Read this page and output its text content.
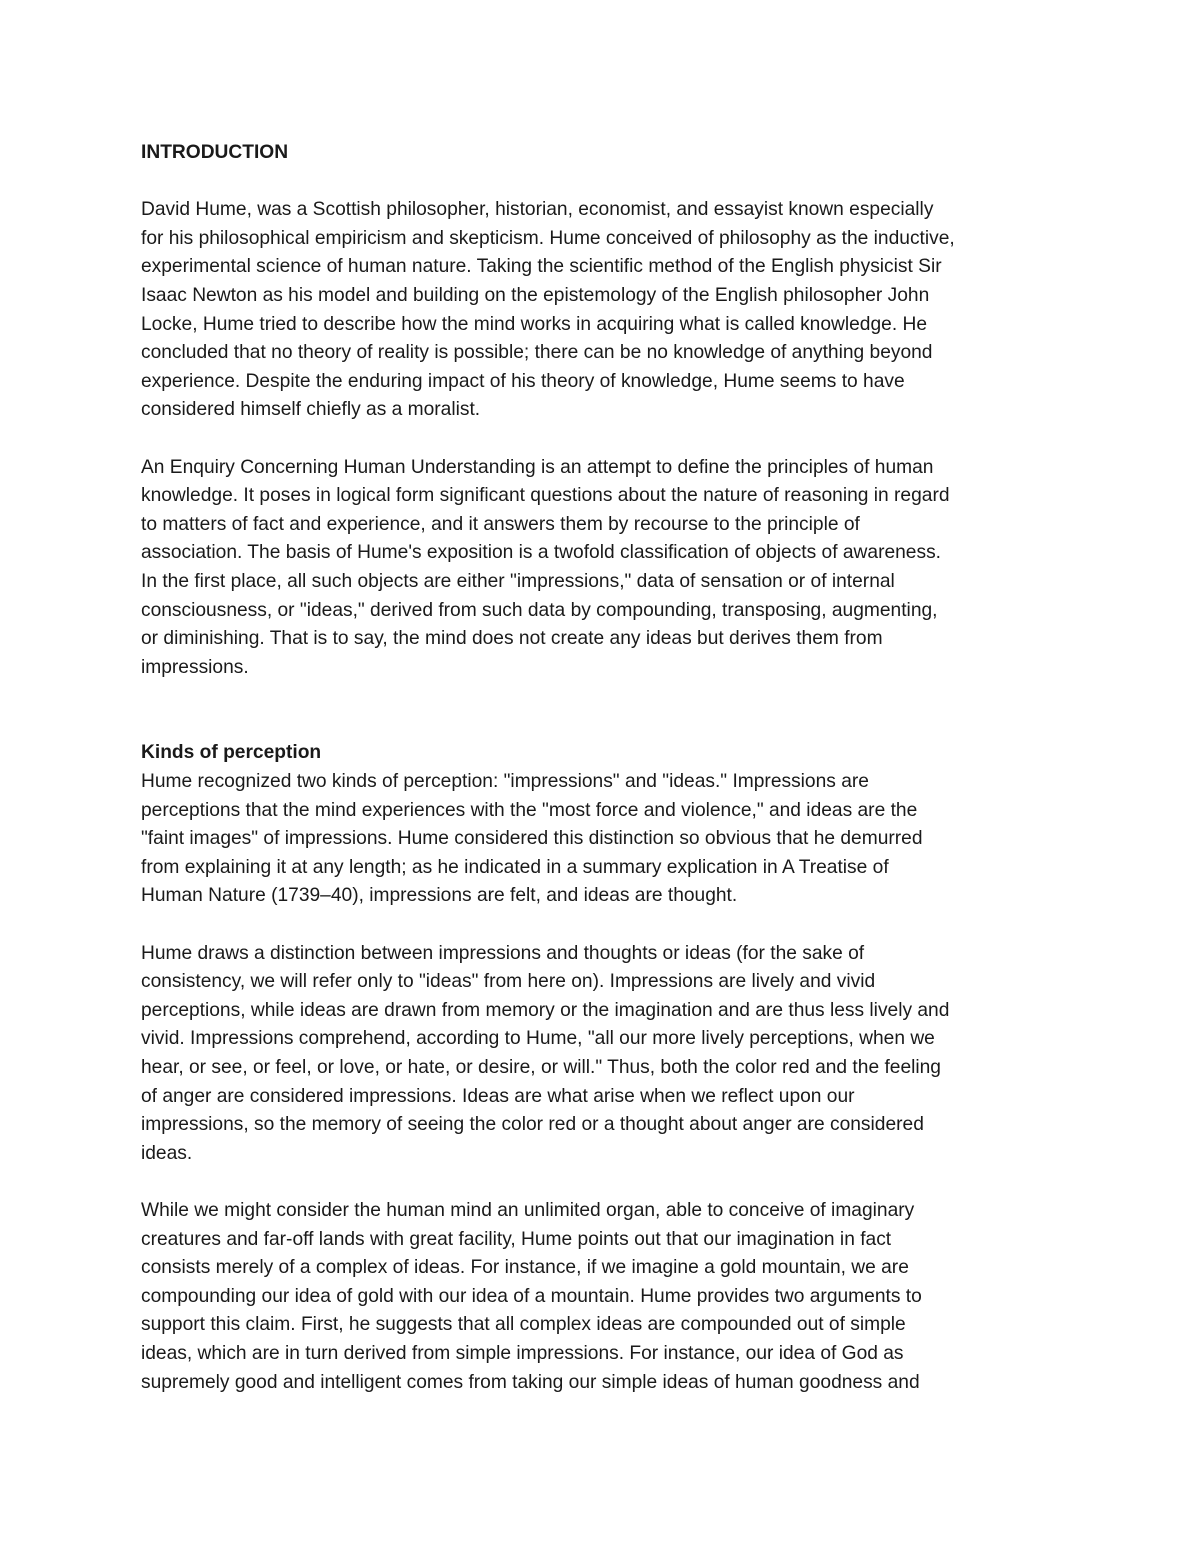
INTRODUCTION
David Hume, was a Scottish philosopher, historian, economist, and essayist known especially
for his philosophical empiricism and skepticism. Hume conceived of philosophy as the inductive,
experimental science of human nature. Taking the scientific method of the English physicist Sir
Isaac Newton as his model and building on the epistemology of the English philosopher John
Locke, Hume tried to describe how the mind works in acquiring what is called knowledge. He
concluded that no theory of reality is possible; there can be no knowledge of anything beyond
experience. Despite the enduring impact of his theory of knowledge, Hume seems to have
considered himself chiefly as a moralist.
An Enquiry Concerning Human Understanding is an attempt to define the principles of human
knowledge. It poses in logical form significant questions about the nature of reasoning in regard
to matters of fact and experience, and it answers them by recourse to the principle of
association. The basis of Hume's exposition is a twofold classification of objects of awareness.
In the first place, all such objects are either "impressions," data of sensation or of internal
consciousness, or "ideas," derived from such data by compounding, transposing, augmenting,
or diminishing. That is to say, the mind does not create any ideas but derives them from
impressions.
Kinds of perception
Hume recognized two kinds of perception: "impressions" and "ideas." Impressions are
perceptions that the mind experiences with the "most force and violence," and ideas are the
"faint images" of impressions. Hume considered this distinction so obvious that he demurred
from explaining it at any length; as he indicated in a summary explication in A Treatise of
Human Nature (1739–40), impressions are felt, and ideas are thought.
Hume draws a distinction between impressions and thoughts or ideas (for the sake of
consistency, we will refer only to "ideas" from here on). Impressions are lively and vivid
perceptions, while ideas are drawn from memory or the imagination and are thus less lively and
vivid. Impressions comprehend, according to Hume, "all our more lively perceptions, when we
hear, or see, or feel, or love, or hate, or desire, or will." Thus, both the color red and the feeling
of anger are considered impressions. Ideas are what arise when we reflect upon our
impressions, so the memory of seeing the color red or a thought about anger are considered
ideas.
While we might consider the human mind an unlimited organ, able to conceive of imaginary
creatures and far-off lands with great facility, Hume points out that our imagination in fact
consists merely of a complex of ideas. For instance, if we imagine a gold mountain, we are
compounding our idea of gold with our idea of a mountain. Hume provides two arguments to
support this claim. First, he suggests that all complex ideas are compounded out of simple
ideas, which are in turn derived from simple impressions. For instance, our idea of God as
supremely good and intelligent comes from taking our simple ideas of human goodness and
